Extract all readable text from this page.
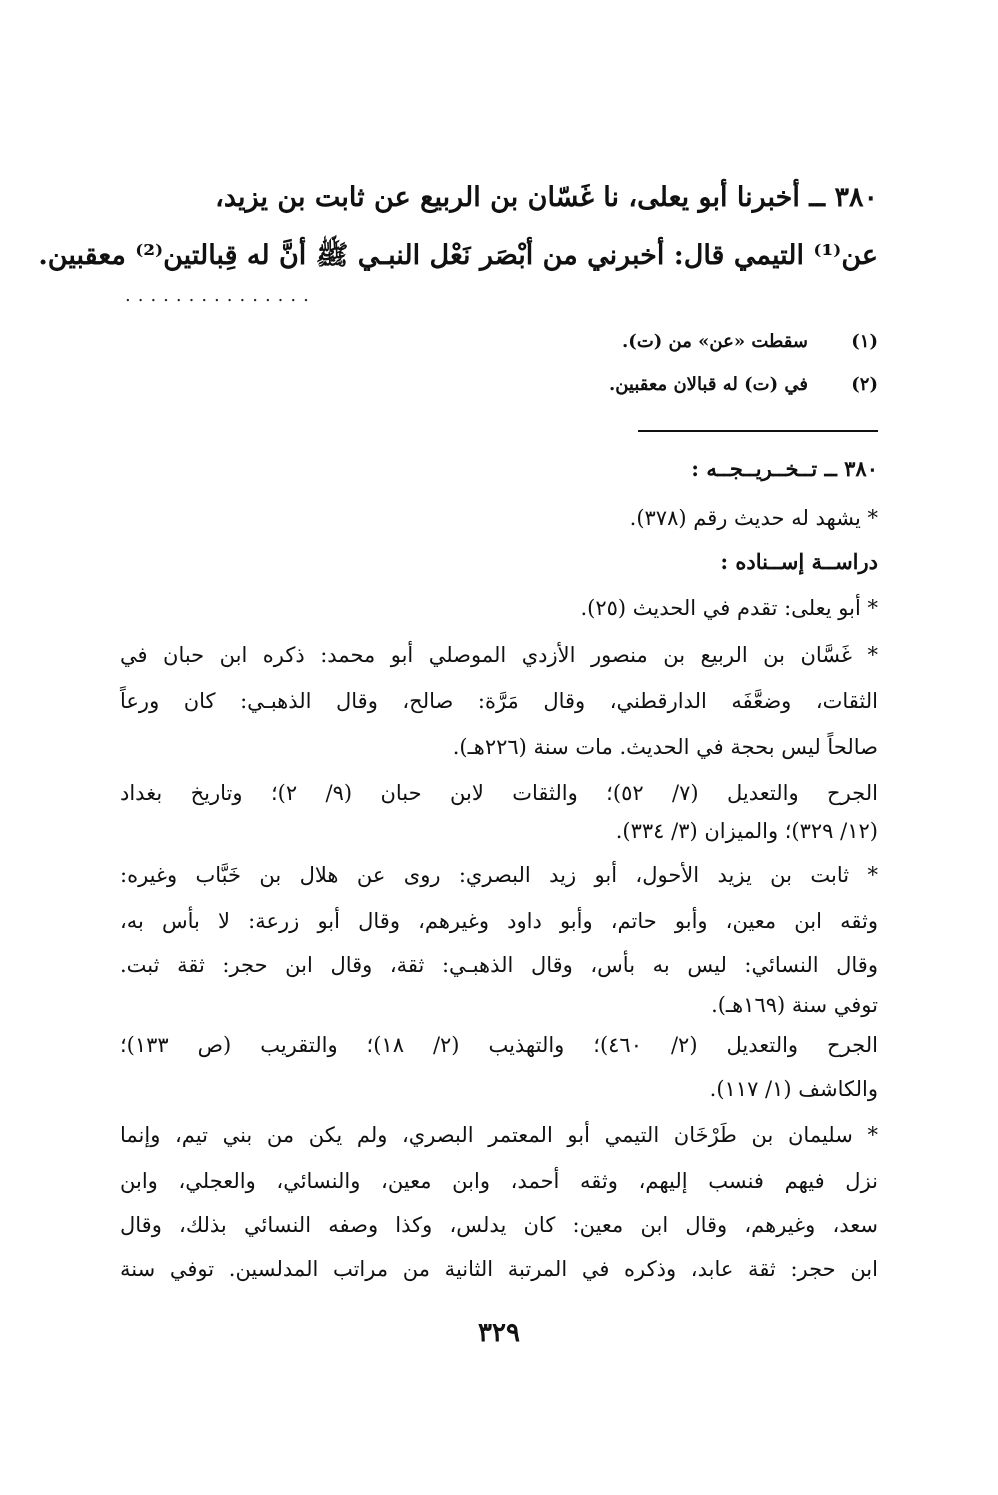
٣٨٠ ــ أخبرنا أبو يعلى، نا غَسّان بن الربيع عن ثابت بن يزيد،
عن⁽¹⁾ التيمي قال: أخبرني من أبْصَر نَعْل النبـي ﷺ أنَّ له قِبالتين⁽²⁾ معقبين.
...............
(١)سقطت «عن» من (ت).
(٢)في (ت) له قبالان معقبين.
٣٨٠ ــ تــخــريــجــه :
* يشهد له حديث رقم (٣٧٨).
دراســة إســناده :
* أبو يعلى: تقدم في الحديث (٢٥).
* غَسَّان بن الربيع بن منصور الأزدي الموصلي أبو محمد: ذكره ابن حبان في
الثقات، وضعَّفَه الدارقطني، وقال مَرَّة: صالح، وقال الذهبـي: كان ورعاً
صالحاً ليس بحجة في الحديث. مات سنة (٢٢٦هـ).
الجرح والتعديل (٧/ ٥٢)؛ والثقات لابن حبان (٩/ ٢)؛ وتاريخ بغداد
(١٢/ ٣٢٩)؛ والميزان (٣/ ٣٣٤).
* ثابت بن يزيد الأحول، أبو زيد البصري: روى عن هلال بن خَبَّاب وغيره:
وثقه ابن معين، وأبو حاتم، وأبو داود وغيرهم، وقال أبو زرعة: لا بأس به،
وقال النسائي: ليس به بأس، وقال الذهبـي: ثقة، وقال ابن حجر: ثقة ثبت.
توفي سنة (١٦٩هـ).
الجرح والتعديل (٢/ ٤٦٠)؛ والتهذيب (٢/ ١٨)؛ والتقريب (ص ١٣٣)؛
والكاشف (١/ ١١٧).
* سليمان بن طَرْخَان التيمي أبو المعتمر البصري، ولم يكن من بني تيم، وإنما
نزل فيهم فنسب إليهم، وثقه أحمد، وابن معين، والنسائي، والعجلي، وابن
سعد، وغيرهم، وقال ابن معين: كان يدلس، وكذا وصفه النسائي بذلك، وقال
ابن حجر: ثقة عابد، وذكره في المرتبة الثانية من مراتب المدلسين. توفي سنة
٣٢٩
